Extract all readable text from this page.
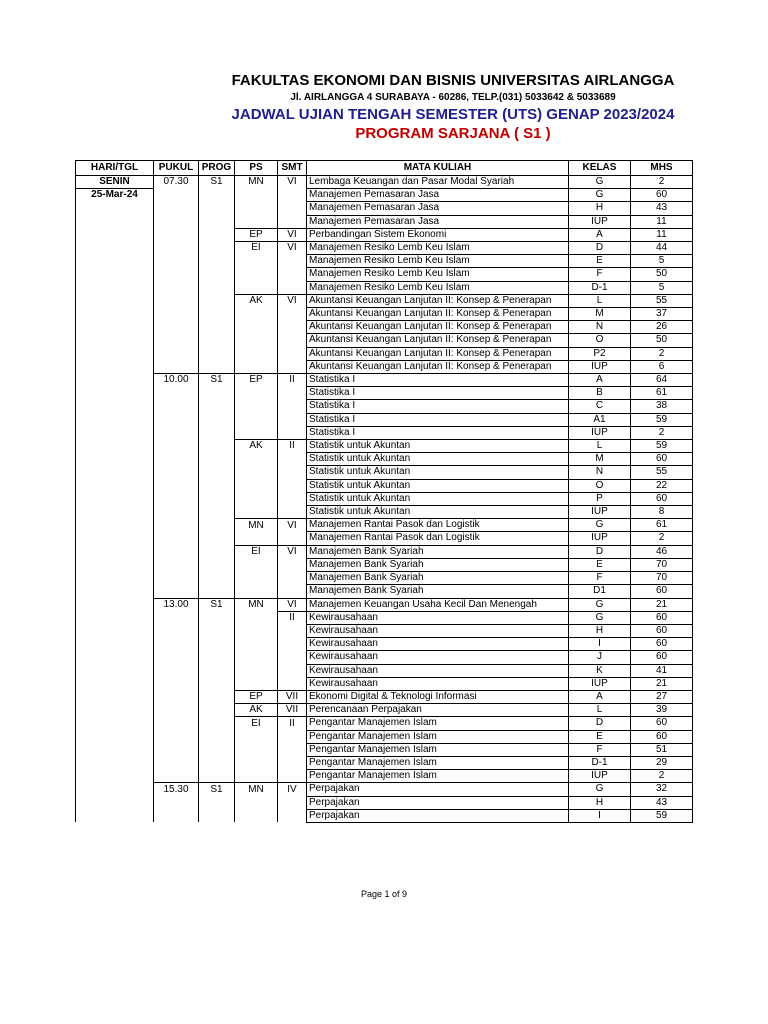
FAKULTAS EKONOMI DAN BISNIS UNIVERSITAS AIRLANGGA
Jl. AIRLANGGA 4 SURABAYA - 60286, TELP.(031) 5033642 & 5033689
JADWAL UJIAN TENGAH SEMESTER (UTS) GENAP 2023/2024
PROGRAM SARJANA ( S1 )
HARI/TGL	PUKUL	PROG	PS	SMT	MATA KULIAH	KELAS	MHS
SENIN	07.30	S1	MN	VI	Lembaga Keuangan dan Pasar Modal Syariah	G	2
25-Mar-24					Manajemen Pemasaran Jasa	G	60
					Manajemen Pemasaran Jasa	H	43
					Manajemen Pemasaran Jasa	IUP	11
			EP	VI	Perbandingan Sistem Ekonomi	A	11
			EI	VI	Manajemen Resiko Lemb Keu Islam	D	44
					Manajemen Resiko Lemb Keu Islam	E	5
					Manajemen Resiko Lemb Keu Islam	F	50
					Manajemen Resiko Lemb Keu Islam	D-1	5
			AK	VI	Akuntansi Keuangan Lanjutan II: Konsep & Penerapan	L	55
					Akuntansi Keuangan Lanjutan II: Konsep & Penerapan	M	37
					Akuntansi Keuangan Lanjutan II: Konsep & Penerapan	N	26
					Akuntansi Keuangan Lanjutan II: Konsep & Penerapan	O	50
					Akuntansi Keuangan Lanjutan II: Konsep & Penerapan	P2	2
					Akuntansi Keuangan Lanjutan II: Konsep & Penerapan	IUP	6
	10.00	S1	EP	II	Statistika I	A	64
					Statistika I	B	61
					Statistika I	C	38
					Statistika I	A1	59
					Statistika I	IUP	2
			AK	II	Statistik untuk Akuntan	L	59
					Statistik untuk Akuntan	M	60
					Statistik untuk Akuntan	N	55
					Statistik untuk Akuntan	O	22
					Statistik untuk Akuntan	P	60
					Statistik untuk Akuntan	IUP	8
			MN	VI	Manajemen Rantai Pasok dan Logistik	G	61
					Manajemen Rantai Pasok dan Logistik	IUP	2
			EI	VI	Manajemen Bank Syariah	D	46
					Manajemen Bank Syariah	E	70
					Manajemen Bank Syariah	F	70
					Manajemen Bank Syariah	D1	60
	13.00	S1	MN	VI	Manajemen Keuangan Usaha Kecil Dan Menengah	G	21
				II	Kewirausahaan	G	60
					Kewirausahaan	H	60
					Kewirausahaan	I	60
					Kewirausahaan	J	60
					Kewirausahaan	K	41
					Kewirausahaan	IUP	21
			EP	VII	Ekonomi Digital & Teknologi Informasi	A	27
			AK	VII	Perencanaan Perpajakan	L	39
			EI	II	Pengantar Manajemen Islam	D	60
					Pengantar Manajemen Islam	E	60
					Pengantar Manajemen Islam	F	51
					Pengantar Manajemen Islam	D-1	29
					Pengantar Manajemen Islam	IUP	2
	15.30	S1	MN	IV	Perpajakan	G	32
					Perpajakan	H	43
					Perpajakan	I	59
Page 1 of 9
